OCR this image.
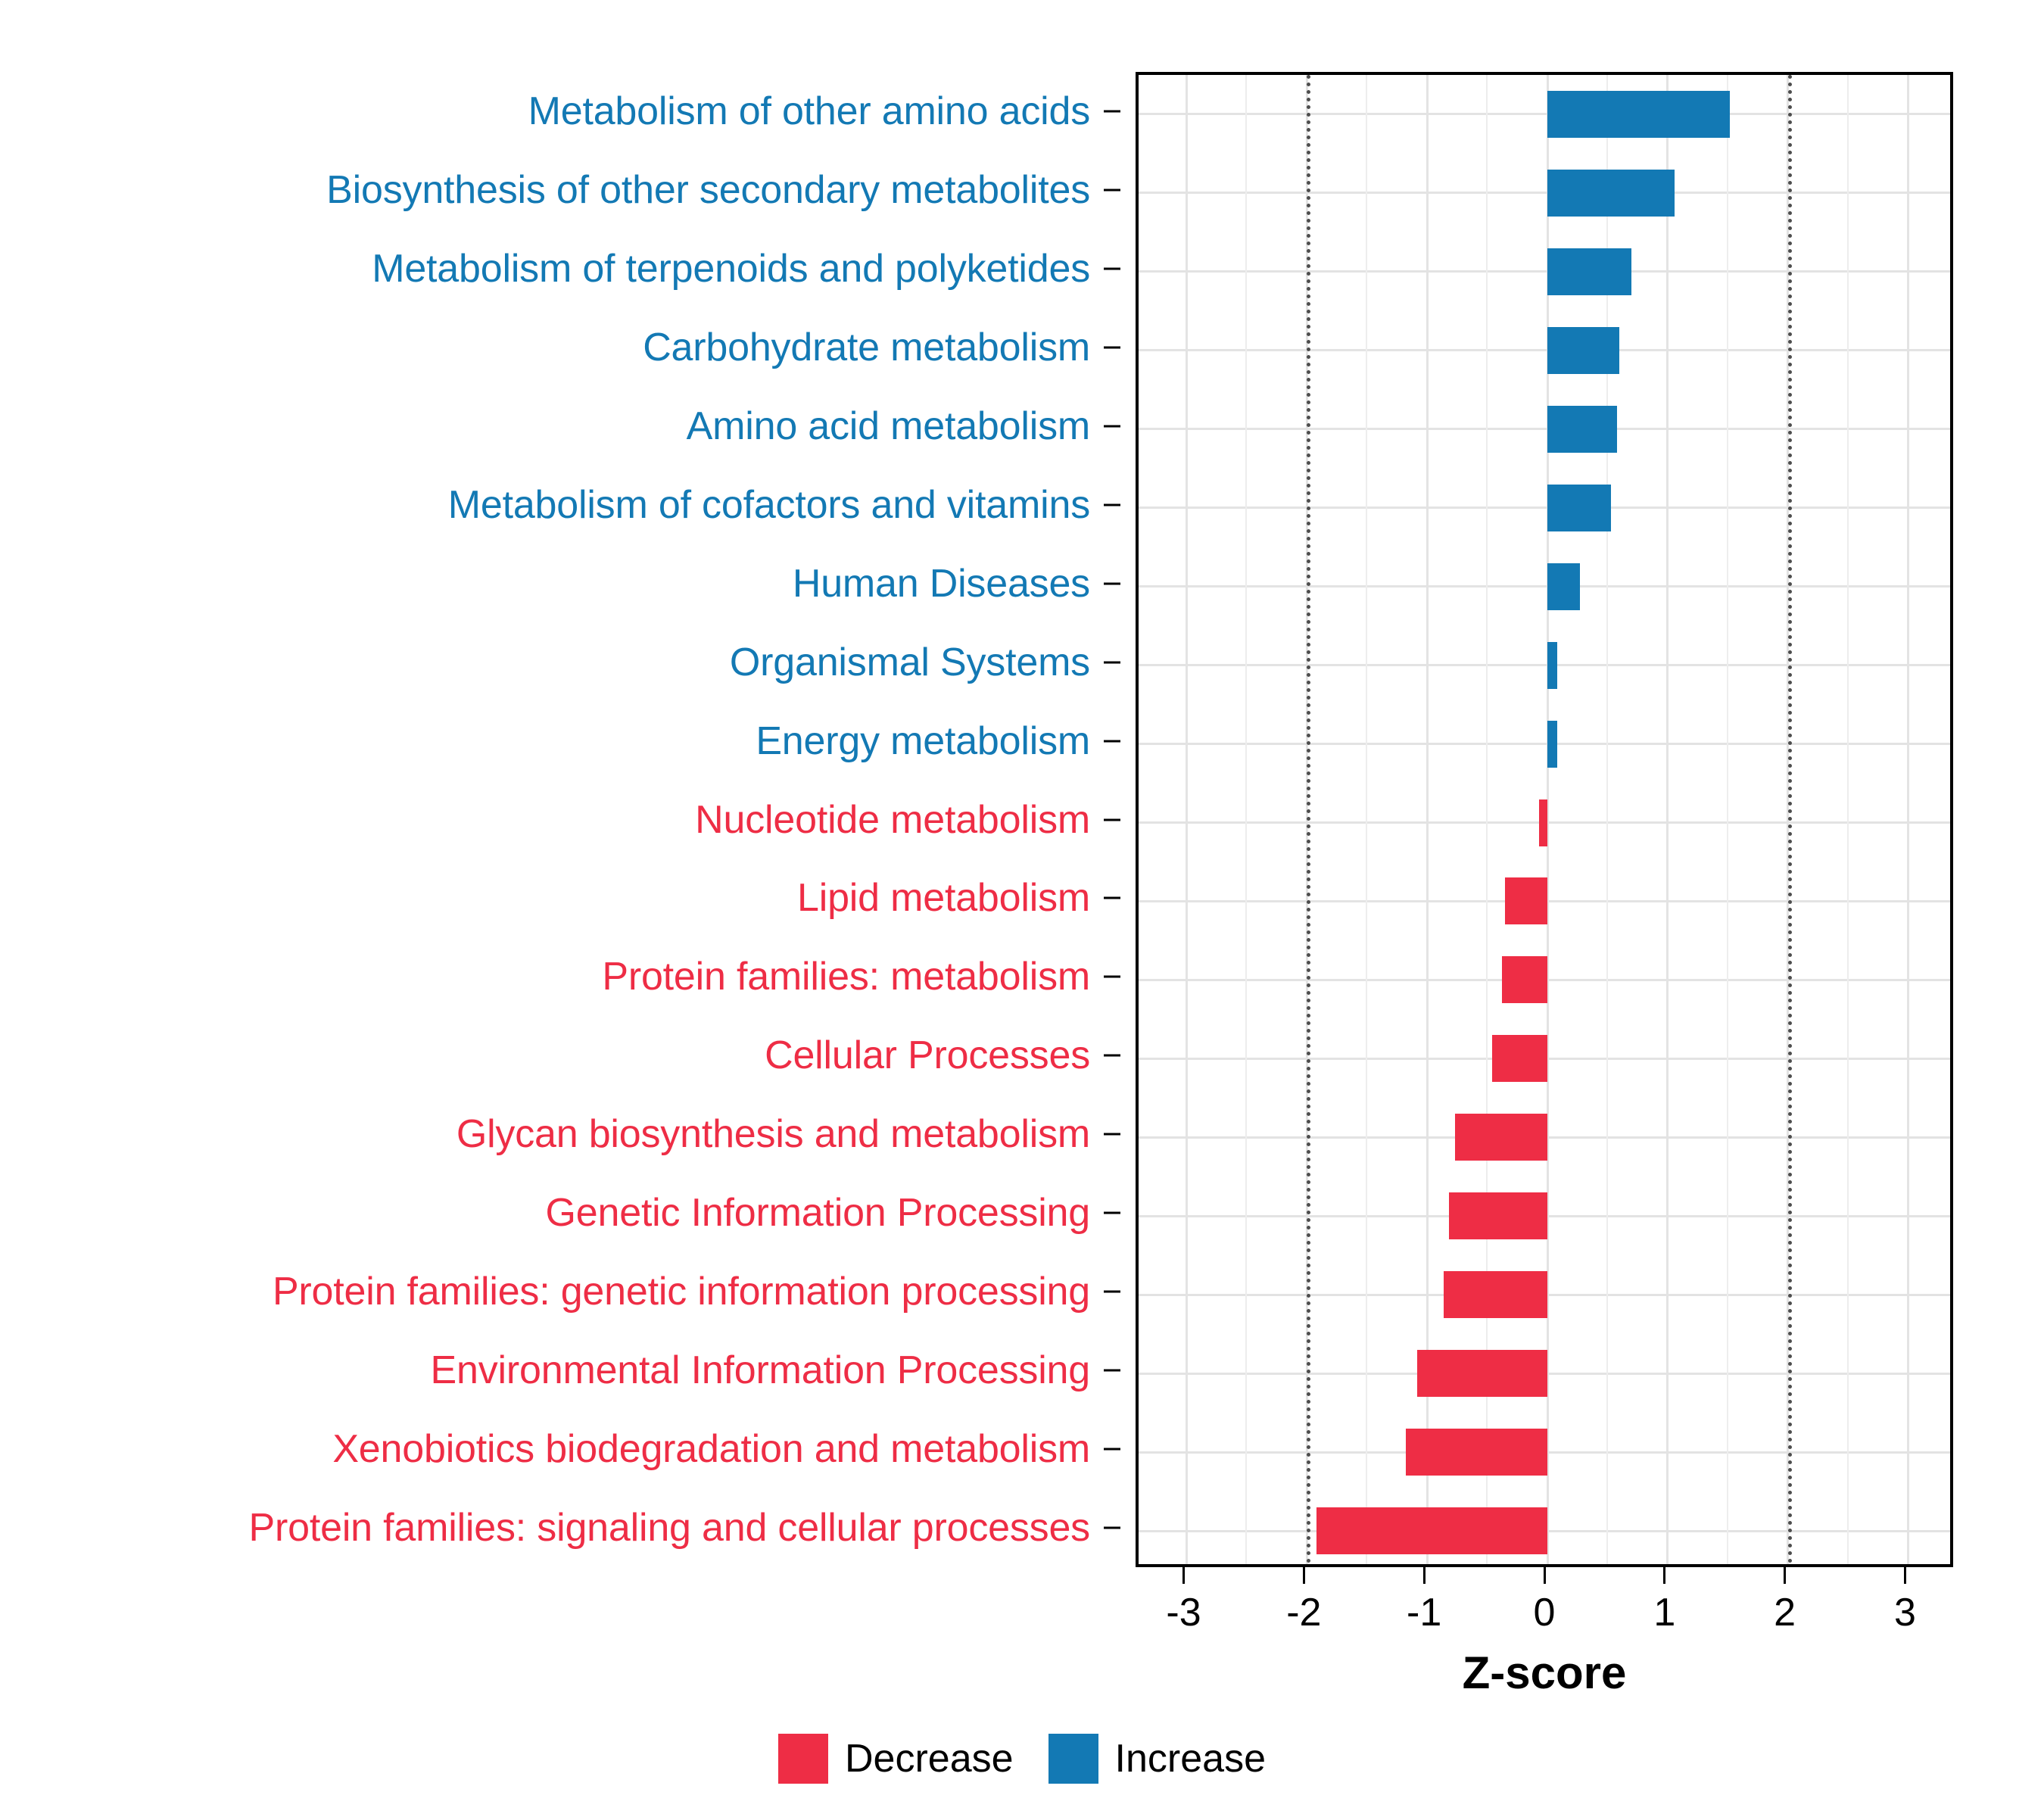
Metabolism of other amino acids
Biosynthesis of other secondary metabolites
Metabolism of terpenoids and polyketides
Carbohydrate metabolism
Amino acid metabolism
Metabolism of cofactors and vitamins
Human Diseases
Organismal Systems
Energy metabolism
Nucleotide metabolism
Lipid metabolism
Protein families: metabolism
Cellular Processes
Glycan biosynthesis and metabolism
Genetic Information Processing
Protein families: genetic information processing
Environmental Information Processing
Xenobiotics biodegradation and metabolism
Protein families: signaling and cellular processes
-3 -2 -1 0 1 2 3
Z-score
Decrease	Increase
